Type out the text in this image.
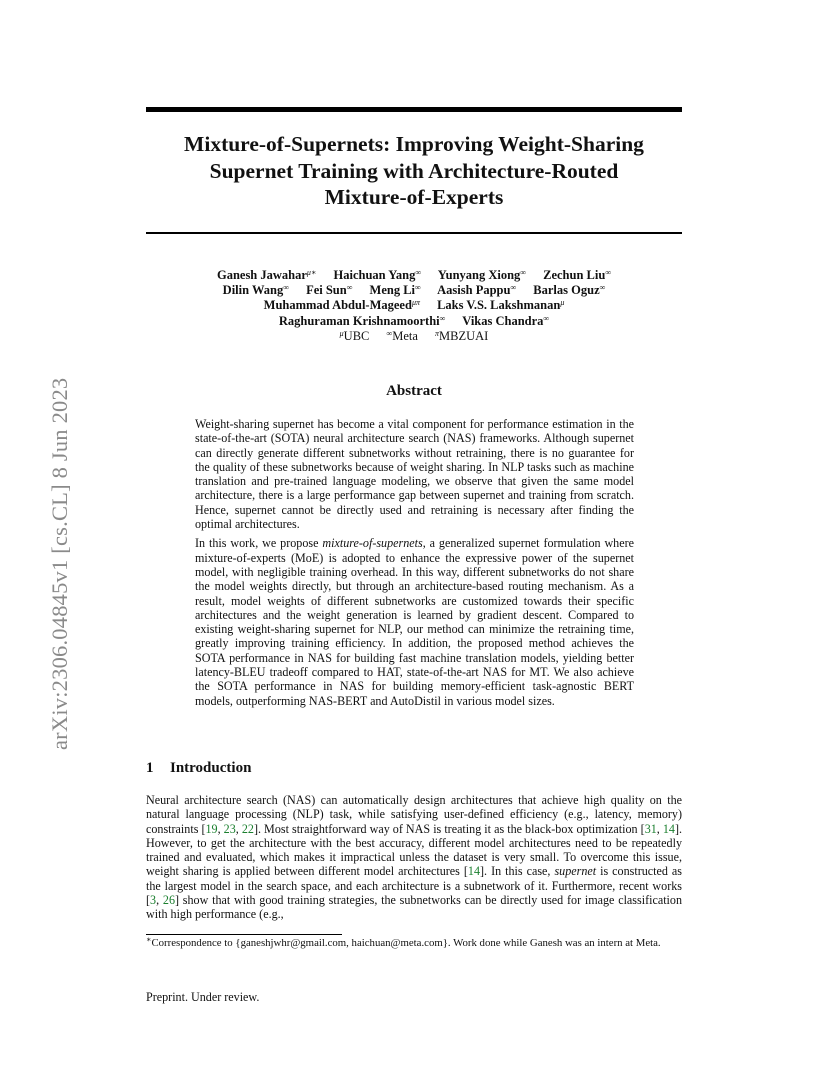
arXiv:2306.04845v1 [cs.CL] 8 Jun 2023
Mixture-of-Supernets: Improving Weight-Sharing
Supernet Training with Architecture-Routed
Mixture-of-Experts
Ganesh Jawahar$^{\mu∗}$ Haichuan Yang∞ Yunyang Xiong∞ Zechun Liu∞
Dilin Wang∞ Fei Sun∞ Meng Li∞ Aasish Pappu∞ Barlas Oguz∞
Muhammad Abdul-Mageed$^{\mu\pi}$ Laks V.S. Lakshmanan$^\mu$
Raghuraman Krishnamoorthi∞ Vikas Chandra∞
$^\mu$UBC ∞Meta $^\pi$MBZUAI
Abstract

Weight-sharing supernet has become a vital component for performance estimation in the state-of-the-art (SOTA) neural architecture search (NAS) frameworks. Although supernet can directly generate different subnetworks without retraining, there is no guarantee for the quality of these subnetworks because of weight sharing. In NLP tasks such as machine translation and pre-trained language modeling, we observe that given the same model architecture, there is a large performance gap between supernet and training from scratch. Hence, supernet cannot be directly used and retraining is necessary after finding the optimal architectures.

In this work, we propose mixture-of-supernets, a generalized supernet formulation where mixture-of-experts (MoE) is adopted to enhance the expressive power of the supernet model, with negligible training overhead. In this way, different subnetworks do not share the model weights directly, but through an architecture-based routing mechanism. As a result, model weights of different subnetworks are customized towards their specific architectures and the weight generation is learned by gradient descent. Compared to existing weight-sharing supernet for NLP, our method can minimize the retraining time, greatly improving training efficiency. In addition, the proposed method achieves the SOTA performance in NAS for building fast machine translation models, yielding better latency-BLEU tradeoff compared to HAT, state-of-the-art NAS for MT. We also achieve the SOTA performance in NAS for building memory-efficient task-agnostic BERT models, outperforming NAS-BERT and AutoDistil in various model sizes.

1 Introduction

Neural architecture search (NAS) can automatically design architectures that achieve high quality on the natural language processing (NLP) task, while satisfying user-defined efficiency (e.g., latency, memory) constraints [19, 23, 22]. Most straightforward way of NAS is treating it as the black-box optimization [31, 14]. However, to get the architecture with the best accuracy, different model architectures need to be repeatedly trained and evaluated, which makes it impractical unless the dataset is very small. To overcome this issue, weight sharing is applied between different model architectures [14]. In this case, supernet is constructed as the largest model in the search space, and each architecture is a subnetwork of it. Furthermore, recent works [3, 26] show that with good training strategies, the subnetworks can be directly used for image classification with high performance (e.g.,

∗Correspondence to {ganeshjwhr@gmail.com, haichuan@meta.com}. Work done while Ganesh was an intern at Meta.
Preprint. Under review.
